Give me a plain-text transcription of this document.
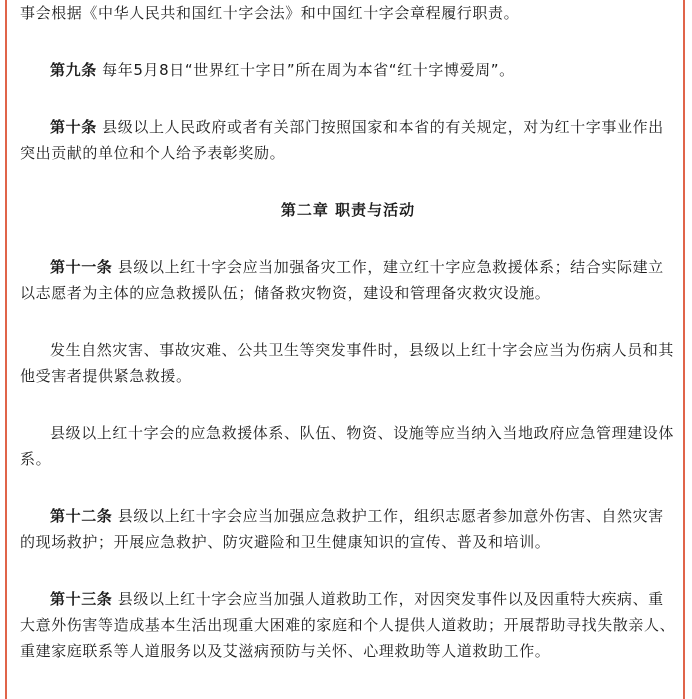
事会根据《中华人民共和国红十字会法》和中国红十字会章程履行职责。

第九条 每年5月8日“世界红十字日”所在周为本省“红十字博爱周”。

第十条 县级以上人民政府或者有关部门按照国家和本省的有关规定，对为红十字事业作出突出贡献的单位和个人给予表彰奖励。

第二章 职责与活动

第十一条 县级以上红十字会应当加强备灾工作，建立红十字应急救援体系；结合实际建立以志愿者为主体的应急救援队伍；储备救灾物资，建设和管理备灾救灾设施。

发生自然灾害、事故灾难、公共卫生等突发事件时，县级以上红十字会应当为伤病人员和其他受害者提供紧急救援。

县级以上红十字会的应急救援体系、队伍、物资、设施等应当纳入当地政府应急管理建设体系。

第十二条 县级以上红十字会应当加强应急救护工作，组织志愿者参加意外伤害、自然灾害的现场救护；开展应急救护、防灾避险和卫生健康知识的宣传、普及和培训。

第十三条 县级以上红十字会应当加强人道救助工作，对因突发事件以及因重特大疾病、重大意外伤害等造成基本生活出现重大困难的家庭和个人提供人道救助；开展帮助寻找失散亲人、重建家庭联系等人道服务以及艾滋病预防与关怀、心理救助等人道救助工作。
